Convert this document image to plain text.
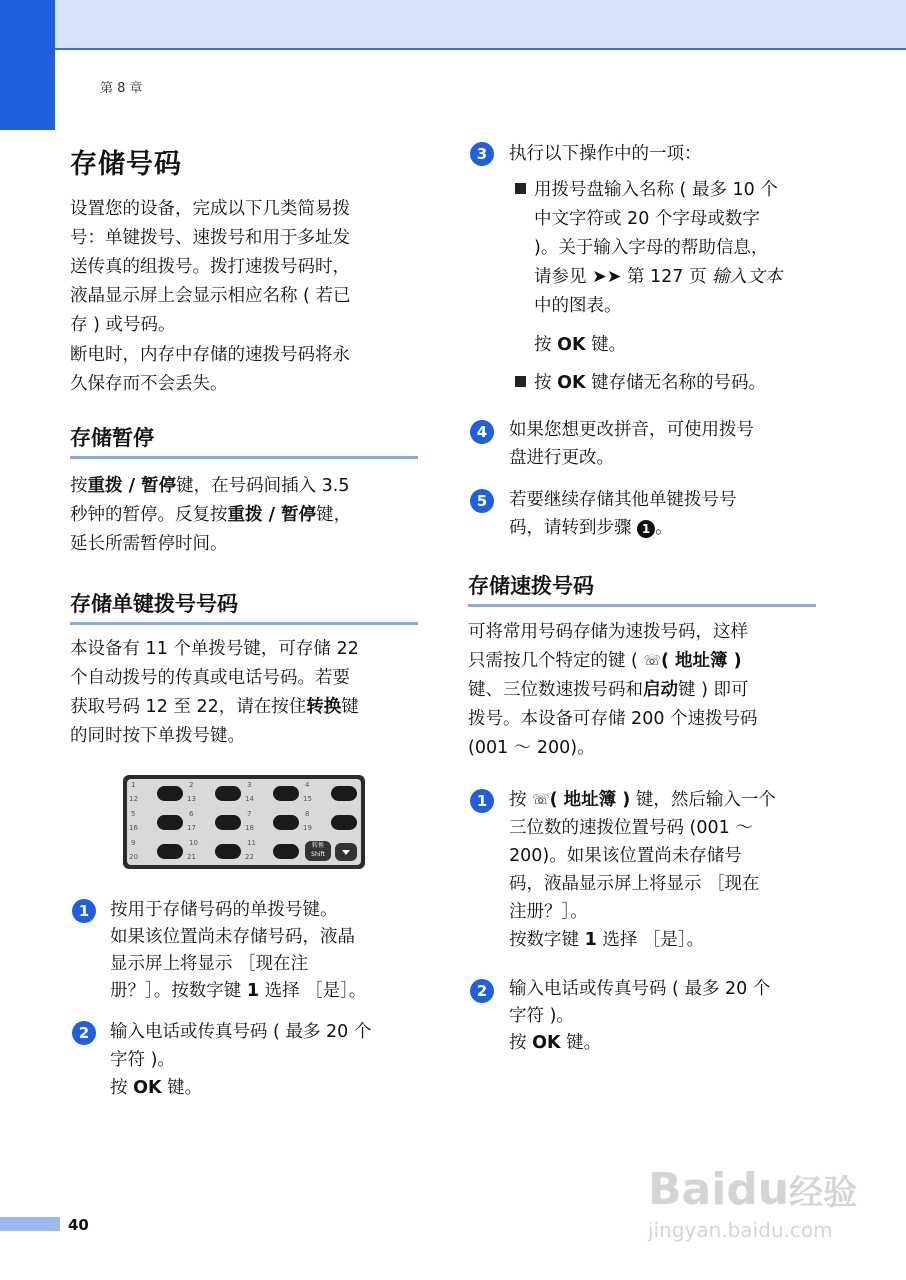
第 8 章
存储号码
设置您的设备，完成以下几类简易拨
号：单键拨号、速拨号和用于多址发
送传真的组拨号。拨打速拨号码时，
液晶显示屏上会显示相应名称 ( 若已
存 ) 或号码。
断电时，内存中存储的速拨号码将永
久保存而不会丢失。
存储暂停
按重拨 / 暂停键，在号码间插入 3.5
秒钟的暂停。反复按重拨 / 暂停键，
延长所需暂停时间。
存储单键拨号号码
本设备有 11 个单拨号键，可存储 22
个自动拨号的传真或电话号码。若要
获取号码 12 至 22，请在按住转换键
的同时按下单拨号键。
1	2	3	4
12	13	14	15
5	6	7	8
16	17	18	19
9	10	11
20	21	22
转换
Shift
1	按用于存储号码的单拨号键。
如果该位置尚未存储号码，液晶
显示屏上将显示 ［现在注
册？］。按数字键 1 选择 ［是］。
2	输入电话或传真号码 ( 最多 20 个
字符 )。
按 OK 键。
3	执行以下操作中的一项：
用拨号盘输入名称 ( 最多 10 个
中文字符或 20 个字母或数字
)。关于输入字母的帮助信息，
请参见 ➤➤ 第 127 页 输入文本
中的图表。
按 OK 键。
按 OK 键存储无名称的号码。
4	如果您想更改拼音，可使用拨号
盘进行更改。
5	若要继续存储其他单键拨号号
码，请转到步骤 1 。
存储速拨号码
可将常用号码存储为速拨号码，这样
只需按几个特定的键 ( ☏( 地址簿 )
键、三位数速拨号码和启动键 ) 即可
拨号。本设备可存储 200 个速拨号码
(001 ～ 200)。
1	按 ☏( 地址簿 ) 键，然后输入一个
三位数的速拨位置号码 (001 ～
200)。如果该位置尚未存储号
码，液晶显示屏上将显示 ［现在
注册？］。
按数字键 1 选择 ［是］。
2	输入电话或传真号码 ( 最多 20 个
字符 )。
按 OK 键。
40
Baidu经验
jingyan.baidu.com
